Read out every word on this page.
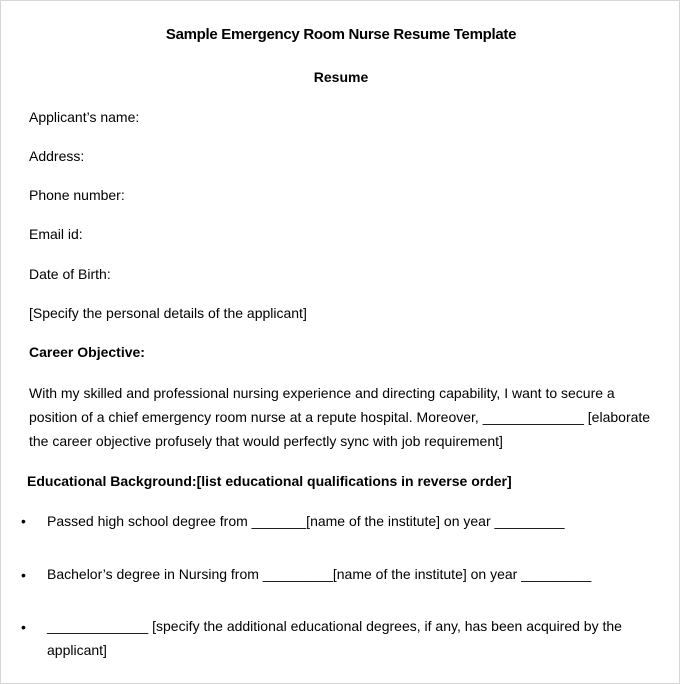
Sample Emergency Room Nurse Resume Template
Resume
Applicant’s name:
Address:
Phone number:
Email id:
Date of Birth:
[Specify the personal details of the applicant]
Career Objective:
With my skilled and professional nursing experience and directing capability, I want to secure a
position of a chief emergency room nurse at a repute hospital. Moreover, _____________ [elaborate
the career objective profusely that would perfectly sync with job requirement]
Educational Background:[list educational qualifications in reverse order]
• Passed high school degree from _______[name of the institute] on year _________
• Bachelor’s degree in Nursing from _________[name of the institute] on year _________
• _____________ [specify the additional educational degrees, if any, has been acquired by the
applicant]
